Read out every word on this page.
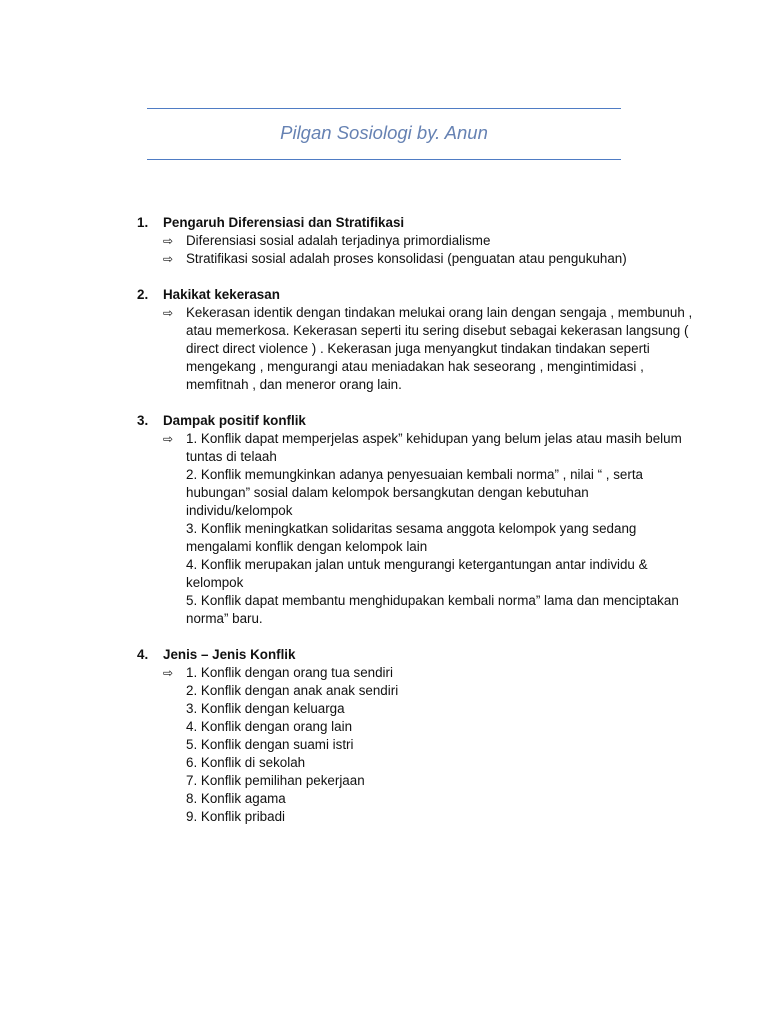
Pilgan Sosiologi by. Anun
1.	Pengaruh Diferensiasi dan Stratifikasi
⇨ Diferensiasi sosial adalah terjadinya primordialisme
⇨ Stratifikasi sosial adalah proses konsolidasi (penguatan atau pengukuhan)
2.	Hakikat kekerasan
⇨ Kekerasan identik dengan tindakan melukai orang lain dengan sengaja , membunuh , atau memerkosa. Kekerasan seperti itu sering disebut sebagai kekerasan langsung ( direct direct violence ) . Kekerasan juga menyangkut tindakan tindakan seperti mengekang , mengurangi atau meniadakan hak seseorang , mengintimidasi , memfitnah , dan meneror orang lain.
3.	Dampak positif konflik
⇨ 1. Konflik dapat memperjelas aspek” kehidupan yang belum jelas atau masih belum tuntas di telaah
2. Konflik memungkinkan adanya penyesuaian kembali norma” , nilai “ , serta hubungan” sosial dalam kelompok bersangkutan dengan kebutuhan individu/kelompok
3. Konflik meningkatkan solidaritas sesama anggota kelompok yang sedang mengalami konflik dengan kelompok lain
4. Konflik merupakan jalan untuk mengurangi ketergantungan antar individu & kelompok
5. Konflik dapat membantu menghidupakan kembali norma” lama dan menciptakan norma” baru.
4.	Jenis – Jenis Konflik
⇨ 1. Konflik dengan orang tua sendiri
2. Konflik dengan anak anak sendiri
3. Konflik dengan keluarga
4. Konflik dengan orang lain
5. Konflik dengan suami istri
6. Konflik di sekolah
7. Konflik pemilihan pekerjaan
8. Konflik agama
9. Konflik pribadi
